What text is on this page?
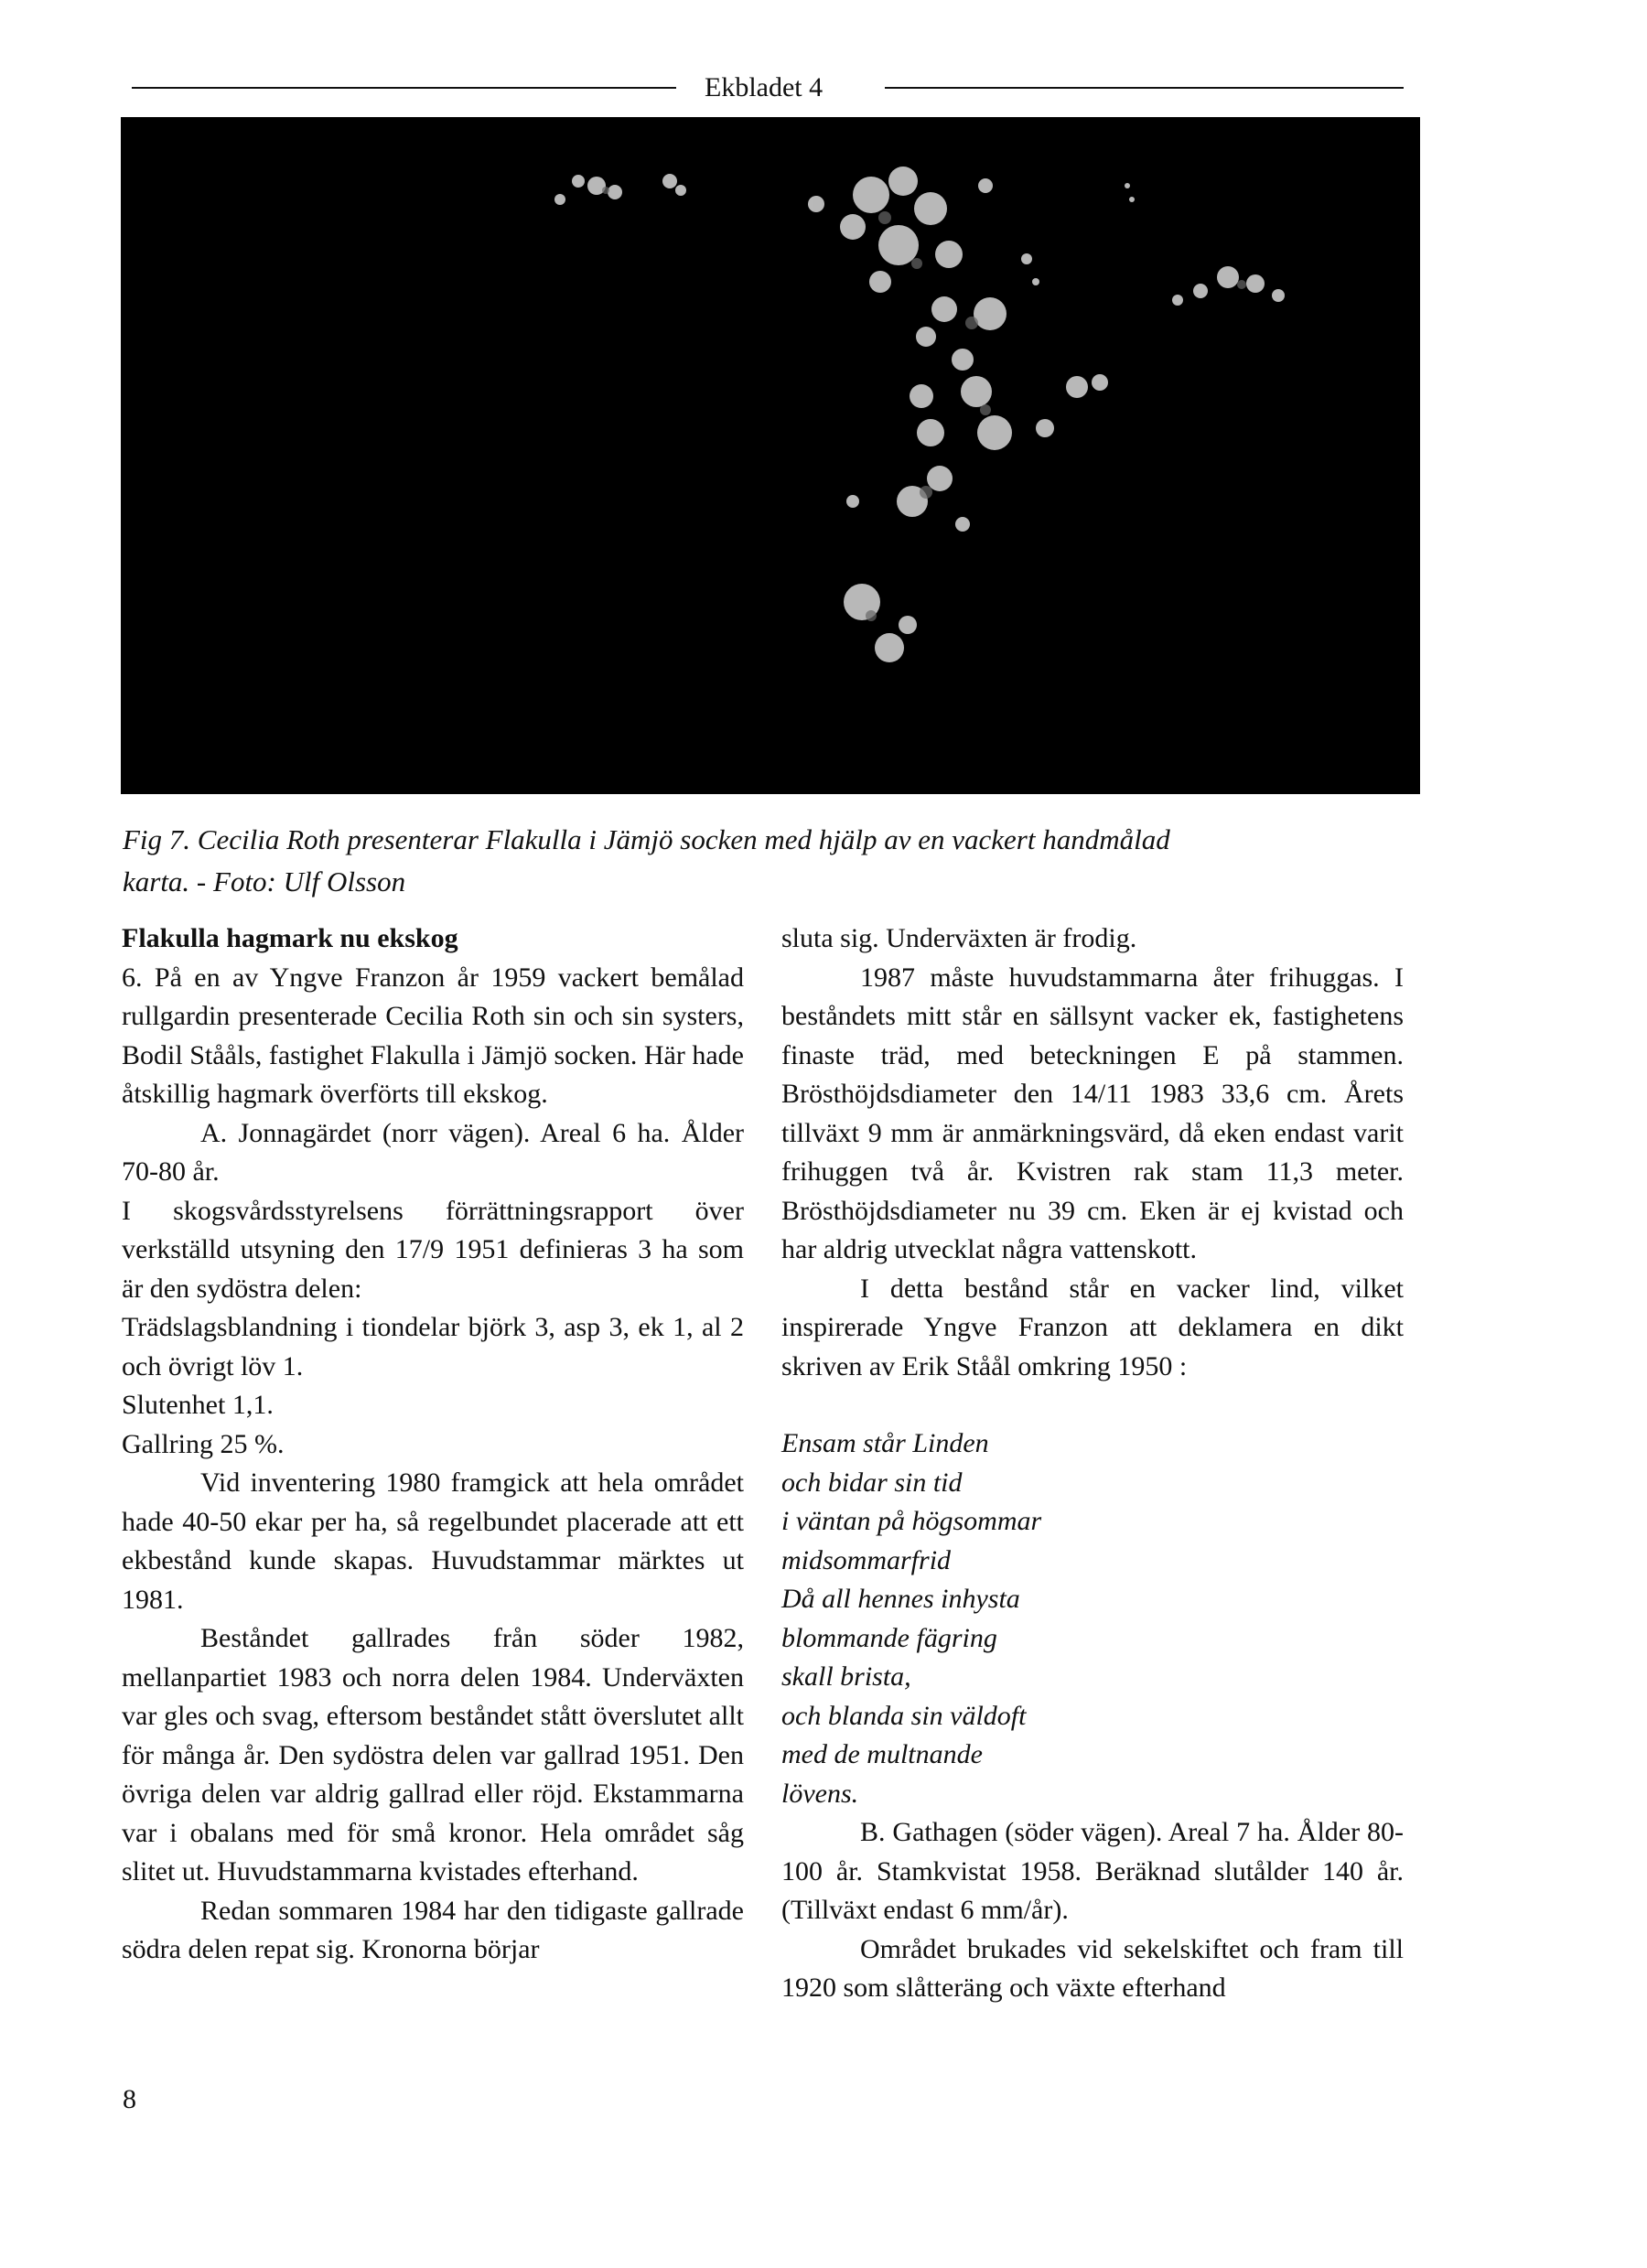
Ekbladet 4
Fig 7. Cecilia Roth presenterar Flakulla i Jämjö socken med hjälp av en vackert handmålad
karta. - Foto: Ulf Olsson

Flakulla hagmark nu ekskog

6. På en av Yngve Franzon år 1959 vackert bemålad rullgardin presenterade Cecilia Roth sin och sin systers, Bodil Stååls, fastighet Flakulla i Jämjö socken. Här hade åtskillig hagmark överförts till ekskog.

A. Jonnagärdet (norr vägen). Areal 6 ha. Ålder 70-80 år.

I skogsvårdsstyrelsens förrättningsrapport över verkställd utsyning den 17/9 1951 definieras 3 ha som är den sydöstra delen:

Trädslagsblandning i tiondelar björk 3, asp 3, ek 1, al 2 och övrigt löv 1.

Slutenhet 1,1.

Gallring 25 %.

Vid inventering 1980 framgick att hela området hade 40-50 ekar per ha, så regelbundet placerade att ett ekbestånd kunde skapas. Huvudstammar märktes ut 1981.

Beståndet gallrades från söder 1982, mellanpartiet 1983 och norra delen 1984. Underväxten var gles och svag, eftersom beståndet stått överslutet allt för många år. Den sydöstra delen var gallrad 1951. Den övriga delen var aldrig gallrad eller röjd. Ekstammarna var i obalans med för små kronor. Hela området såg slitet ut. Huvudstammarna kvistades efterhand.

Redan sommaren 1984 har den tidigaste gallrade södra delen repat sig. Kronorna börjar

sluta sig. Underväxten är frodig.

1987 måste huvudstammarna åter frihuggas. I beståndets mitt står en sällsynt vacker ek, fastighetens finaste träd, med beteckningen E på stammen. Brösthöjdsdiameter den 14/11 1983 33,6 cm. Årets tillväxt 9 mm är anmärkningsvärd, då eken endast varit frihuggen två år. Kvistren rak stam 11,3 meter. Brösthöjdsdiameter nu 39 cm. Eken är ej kvistad och har aldrig utvecklat några vattenskott.

I detta bestånd står en vacker lind, vilket inspirerade Yngve Franzon att deklamera en dikt skriven av Erik Ståål omkring 1950 :

Ensam står Linden

och bidar sin tid

i väntan på högsommar

midsommarfrid

Då all hennes inhysta

blommande fägring

skall brista,

och blanda sin väldoft

med de multnande

lövens.

B. Gathagen (söder vägen). Areal 7 ha. Ålder 80-100 år. Stamkvistat 1958. Beräknad slutålder 140 år. (Tillväxt endast 6 mm/år).

Området brukades vid sekelskiftet och fram till 1920 som slåtteräng och växte efterhand

8
